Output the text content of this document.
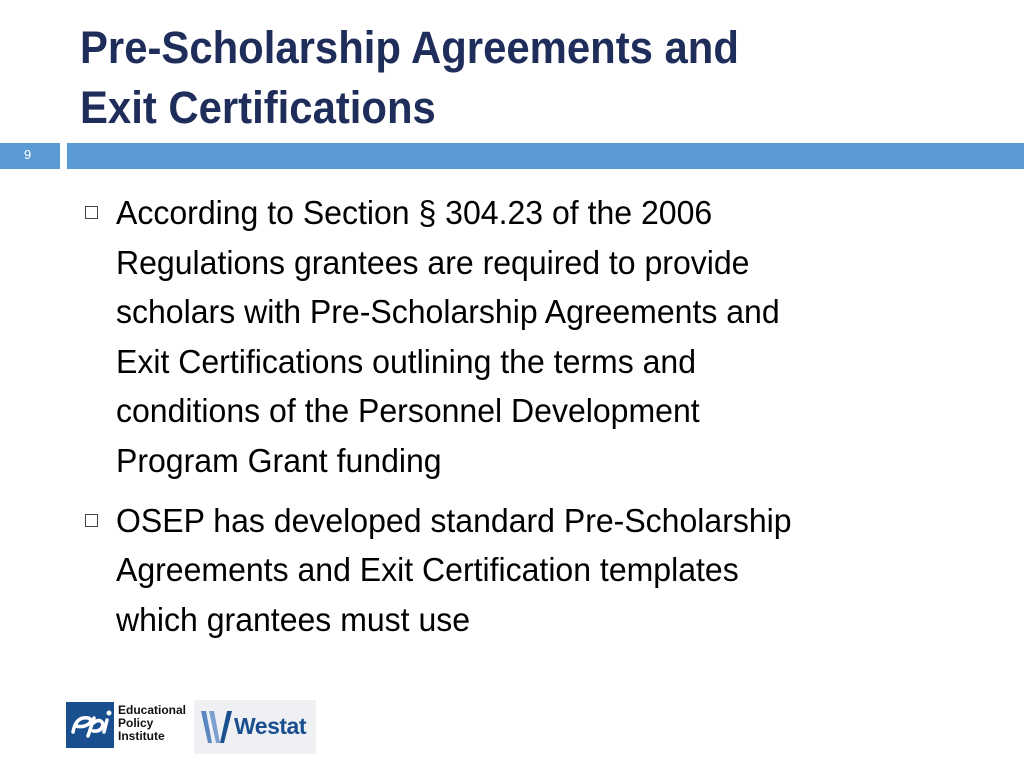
Pre-Scholarship Agreements and
Exit Certifications
9
According to Section § 304.23 of the 2006
Regulations grantees are required to provide
scholars with Pre-Scholarship Agreements and
Exit Certifications outlining the terms and
conditions of the Personnel Development
Program Grant funding
OSEP has developed standard Pre-Scholarship
Agreements and Exit Certification templates
which grantees must use
Educational
Policy
Institute	Westat
